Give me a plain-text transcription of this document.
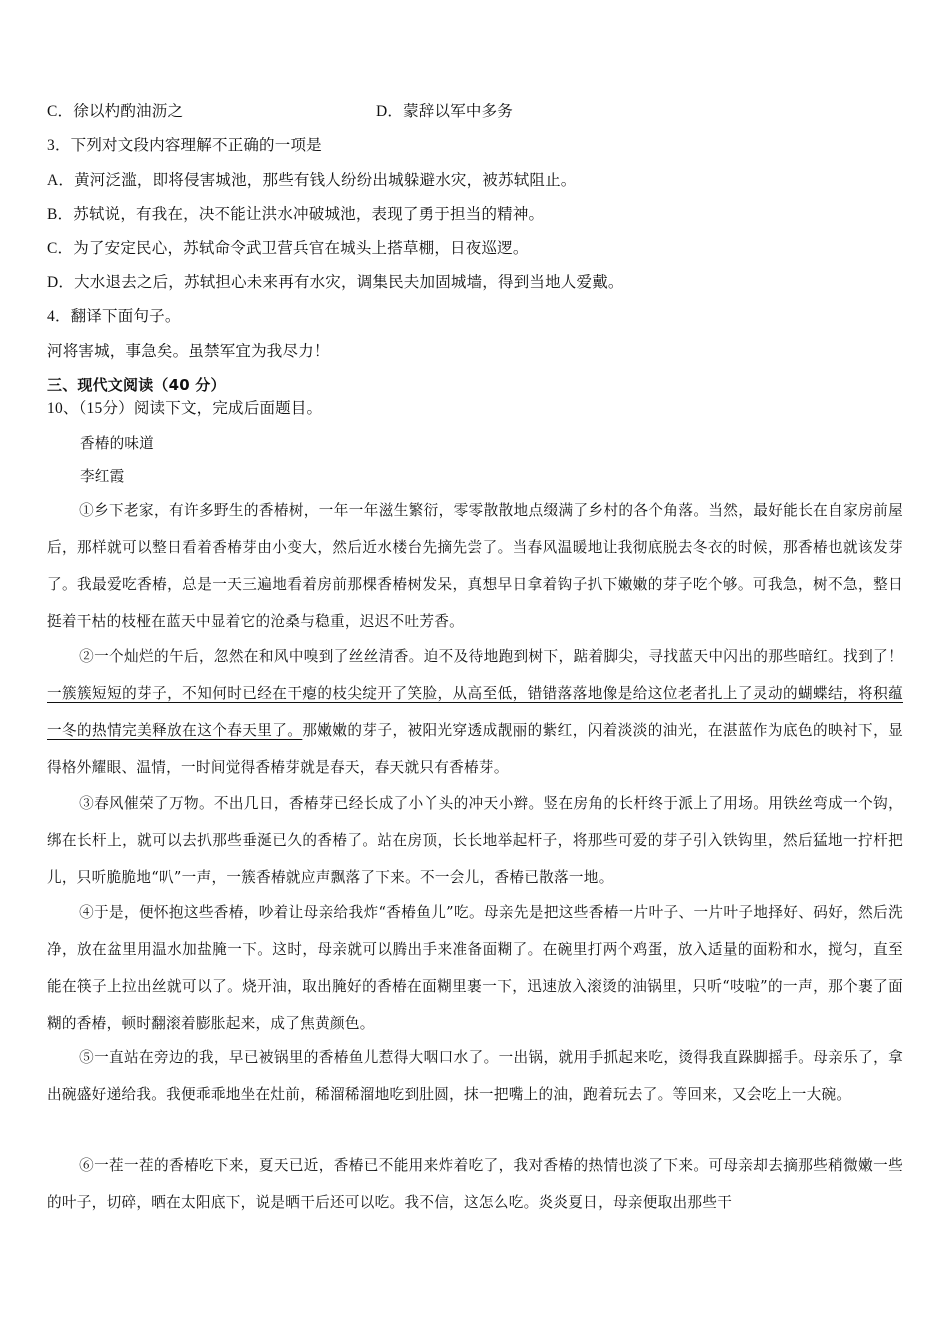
C．徐以杓酌油沥之	D．蒙辞以军中多务
3．下列对文段内容理解不正确的一项是
A．黄河泛滥，即将侵害城池，那些有钱人纷纷出城躲避水灾，被苏轼阻止。
B．苏轼说，有我在，决不能让洪水冲破城池，表现了勇于担当的精神。
C．为了安定民心，苏轼命令武卫营兵官在城头上搭草棚，日夜巡逻。
D．大水退去之后，苏轼担心未来再有水灾，调集民夫加固城墙，得到当地人爱戴。
4．翻译下面句子。
河将害城，事急矣。虽禁军宜为我尽力！
三、现代文阅读（40 分）
10、（15分）阅读下文，完成后面题目。
香椿的味道
李红霞
①乡下老家，有许多野生的香椿树，一年一年滋生繁衍，零零散散地点缀满了乡村的各个角落。当然，最好能长在自家房前屋后，那样就可以整日看着香椿芽由小变大，然后近水楼台先摘先尝了。当春风温暖地让我彻底脱去冬衣的时候，那香椿也就该发芽了。我最爱吃香椿，总是一天三遍地看着房前那棵香椿树发呆，真想早日拿着钩子扒下嫩嫩的芽子吃个够。可我急，树不急，整日挺着干枯的枝桠在蓝天中显着它的沧桑与稳重，迟迟不吐芳香。
②一个灿烂的午后，忽然在和风中嗅到了丝丝清香。迫不及待地跑到树下，踮着脚尖，寻找蓝天中闪出的那些暗红。找到了！一簇簇短短的芽子，不知何时已经在干瘪的枝尖绽开了笑脸，从高至低，错错落落地像是给这位老者扎上了灵动的蝴蝶结，将积蕴一冬的热情完美释放在这个春天里了。那嫩嫩的芽子，被阳光穿透成靓丽的紫红，闪着淡淡的油光，在湛蓝作为底色的映衬下，显得格外耀眼、温情，一时间觉得香椿芽就是春天，春天就只有香椿芽。
③春风催荣了万物。不出几日，香椿芽已经长成了小丫头的冲天小辫。竖在房角的长杆终于派上了用场。用铁丝弯成一个钩，绑在长杆上，就可以去扒那些垂涎已久的香椿了。站在房顶，长长地举起杆子，将那些可爱的芽子引入铁钩里，然后猛地一拧杆把儿，只听脆脆地“叭”一声，一簇香椿就应声飘落了下来。不一会儿，香椿已散落一地。
④于是，便怀抱这些香椿，吵着让母亲给我炸“香椿鱼儿”吃。母亲先是把这些香椿一片叶子、一片叶子地择好、码好，然后洗净，放在盆里用温水加盐腌一下。这时，母亲就可以腾出手来准备面糊了。在碗里打两个鸡蛋，放入适量的面粉和水，搅匀，直至能在筷子上拉出丝就可以了。烧开油，取出腌好的香椿在面糊里裹一下，迅速放入滚烫的油锅里，只听“吱啦”的一声，那个裹了面糊的香椿，顿时翻滚着膨胀起来，成了焦黄颜色。
⑤一直站在旁边的我，早已被锅里的香椿鱼儿惹得大咽口水了。一出锅，就用手抓起来吃，烫得我直跺脚摇手。母亲乐了，拿出碗盛好递给我。我便乖乖地坐在灶前，稀溜稀溜地吃到肚圆，抹一把嘴上的油，跑着玩去了。等回来，又会吃上一大碗。
⑥一茬一茬的香椿吃下来，夏天已近，香椿已不能用来炸着吃了，我对香椿的热情也淡了下来。可母亲却去摘那些稍微嫩一些的叶子，切碎，晒在太阳底下，说是晒干后还可以吃。我不信，这怎么吃。炎炎夏日，母亲便取出那些干
